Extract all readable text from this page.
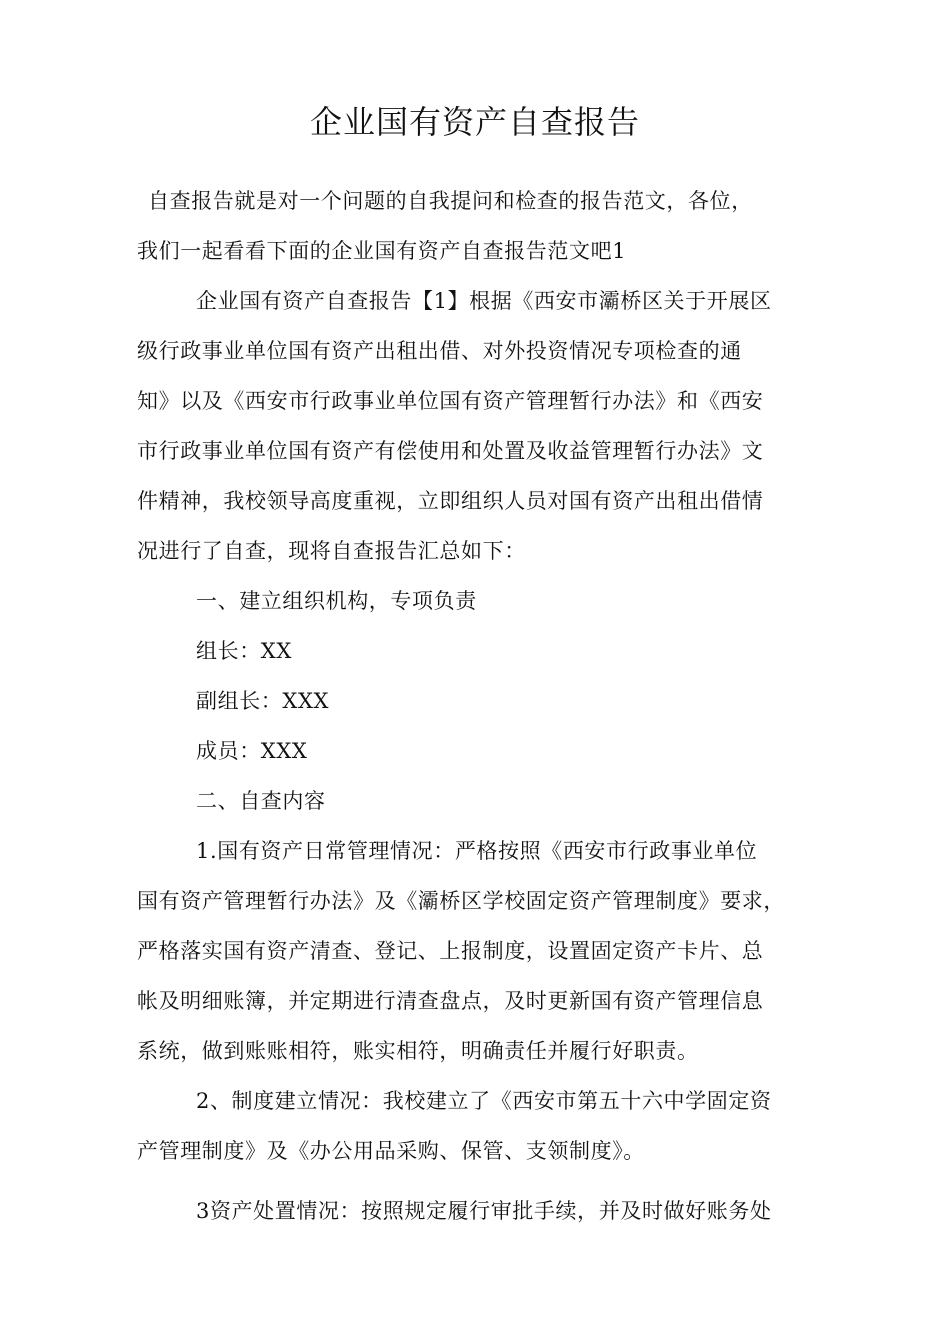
企业国有资产自查报告
自查报告就是对一个问题的自我提问和检查的报告范文，各位，
我们一起看看下面的企业国有资产自查报告范文吧1
企业国有资产自查报告【1】根据《西安市灞桥区关于开展区
级行政事业单位国有资产出租出借、对外投资情况专项检查的通
知》以及《西安市行政事业单位国有资产管理暂行办法》和《西安
市行政事业单位国有资产有偿使用和处置及收益管理暂行办法》文
件精神，我校领导高度重视，立即组织人员对国有资产出租出借情
况进行了自查，现将自查报告汇总如下：
一、建立组织机构，专项负责
组长：XX
副组长：XXX
成员：XXX
二、自查内容
1.国有资产日常管理情况：严格按照《西安市行政事业单位
国有资产管理暂行办法》及《灞桥区学校固定资产管理制度》要求，
严格落实国有资产清查、登记、上报制度，设置固定资产卡片、总
帐及明细账簿，并定期进行清查盘点，及时更新国有资产管理信息
系统，做到账账相符，账实相符，明确责任并履行好职责。
2、制度建立情况：我校建立了《西安市第五十六中学固定资
产管理制度》及《办公用品采购、保管、支领制度》。
3资产处置情况：按照规定履行审批手续，并及时做好账务处
